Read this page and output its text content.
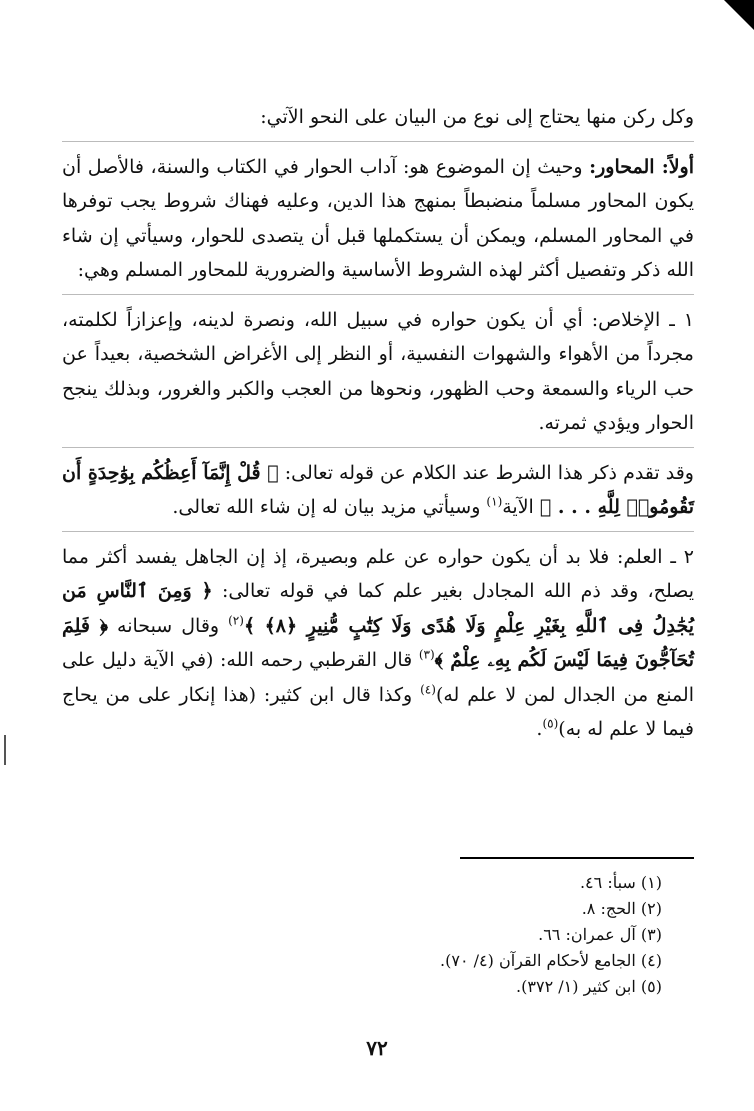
وكل ركن منها يحتاج إلى نوع من البيان على النحو الآتي:

أولاً: المحاور: وحيث إن الموضوع هو: آداب الحوار في الكتاب والسنة، فالأصل أن يكون المحاور مسلماً منضبطاً بمنهج هذا الدين، وعليه فهناك شروط يجب توفرها في المحاور المسلم، ويمكن أن يستكملها قبل أن يتصدى للحوار، وسيأتي إن شاء الله ذكر وتفصيل أكثر لهذه الشروط الأساسية والضرورية للمحاور المسلم وهي:

١ ـ الإخلاص: أي أن يكون حواره في سبيل الله، ونصرة لدينه، وإعزازاً لكلمته، مجرداً من الأهواء والشهوات النفسية، أو النظر إلى الأغراض الشخصية، بعيداً عن حب الرياء والسمعة وحب الظهور، ونحوها من العجب والكبر والغرور، وبذلك ينجح الحوار ويؤدي ثمرته.

وقد تقدم ذكر هذا الشرط عند الكلام عن قوله تعالى: ﴿ قُلْ إِنَّمَآ أَعِظُكُم بِوَٰحِدَةٍ أَن تَقُومُوا۟ لِلَّهِ . . . ﴾ الآية$^{(١)}$ وسيأتي مزيد بيان له إن شاء الله تعالى.

٢ ـ العلم: فلا بد أن يكون حواره عن علم وبصيرة، إذ إن الجاهل يفسد أكثر مما يصلح، وقد ذم الله المجادل بغير علم كما في قوله تعالى: ﴿ وَمِنَ ٱلنَّاسِ مَن يُجَٰدِلُ فِى ٱللَّهِ بِغَيْرِ عِلْمٍ وَلَا هُدًى وَلَا كِتَٰبٍ مُّنِيرٍ ﴿٨﴾ ﴾$^{(٢)}$ وقال سبحانه ﴿ فَلِمَ تُحَآجُّونَ فِيمَا لَيْسَ لَكُم بِهِۦ عِلْمٌ ﴾$^{(٣)}$ قال القرطبي رحمه الله: (في الآية دليل على المنع من الجدال لمن لا علم له)$^{(٤)}$ وكذا قال ابن كثير: (هذا إنكار على من يحاج فيما لا علم له به)$^{(٥)}$.

(١) سبأ: ٤٦.

(٢) الحج: ٨.

(٣) آل عمران: ٦٦.

(٤) الجامع لأحكام القرآن (٤/ ٧٠).

(٥) ابن كثير (١/ ٣٧٢).

٧٢
